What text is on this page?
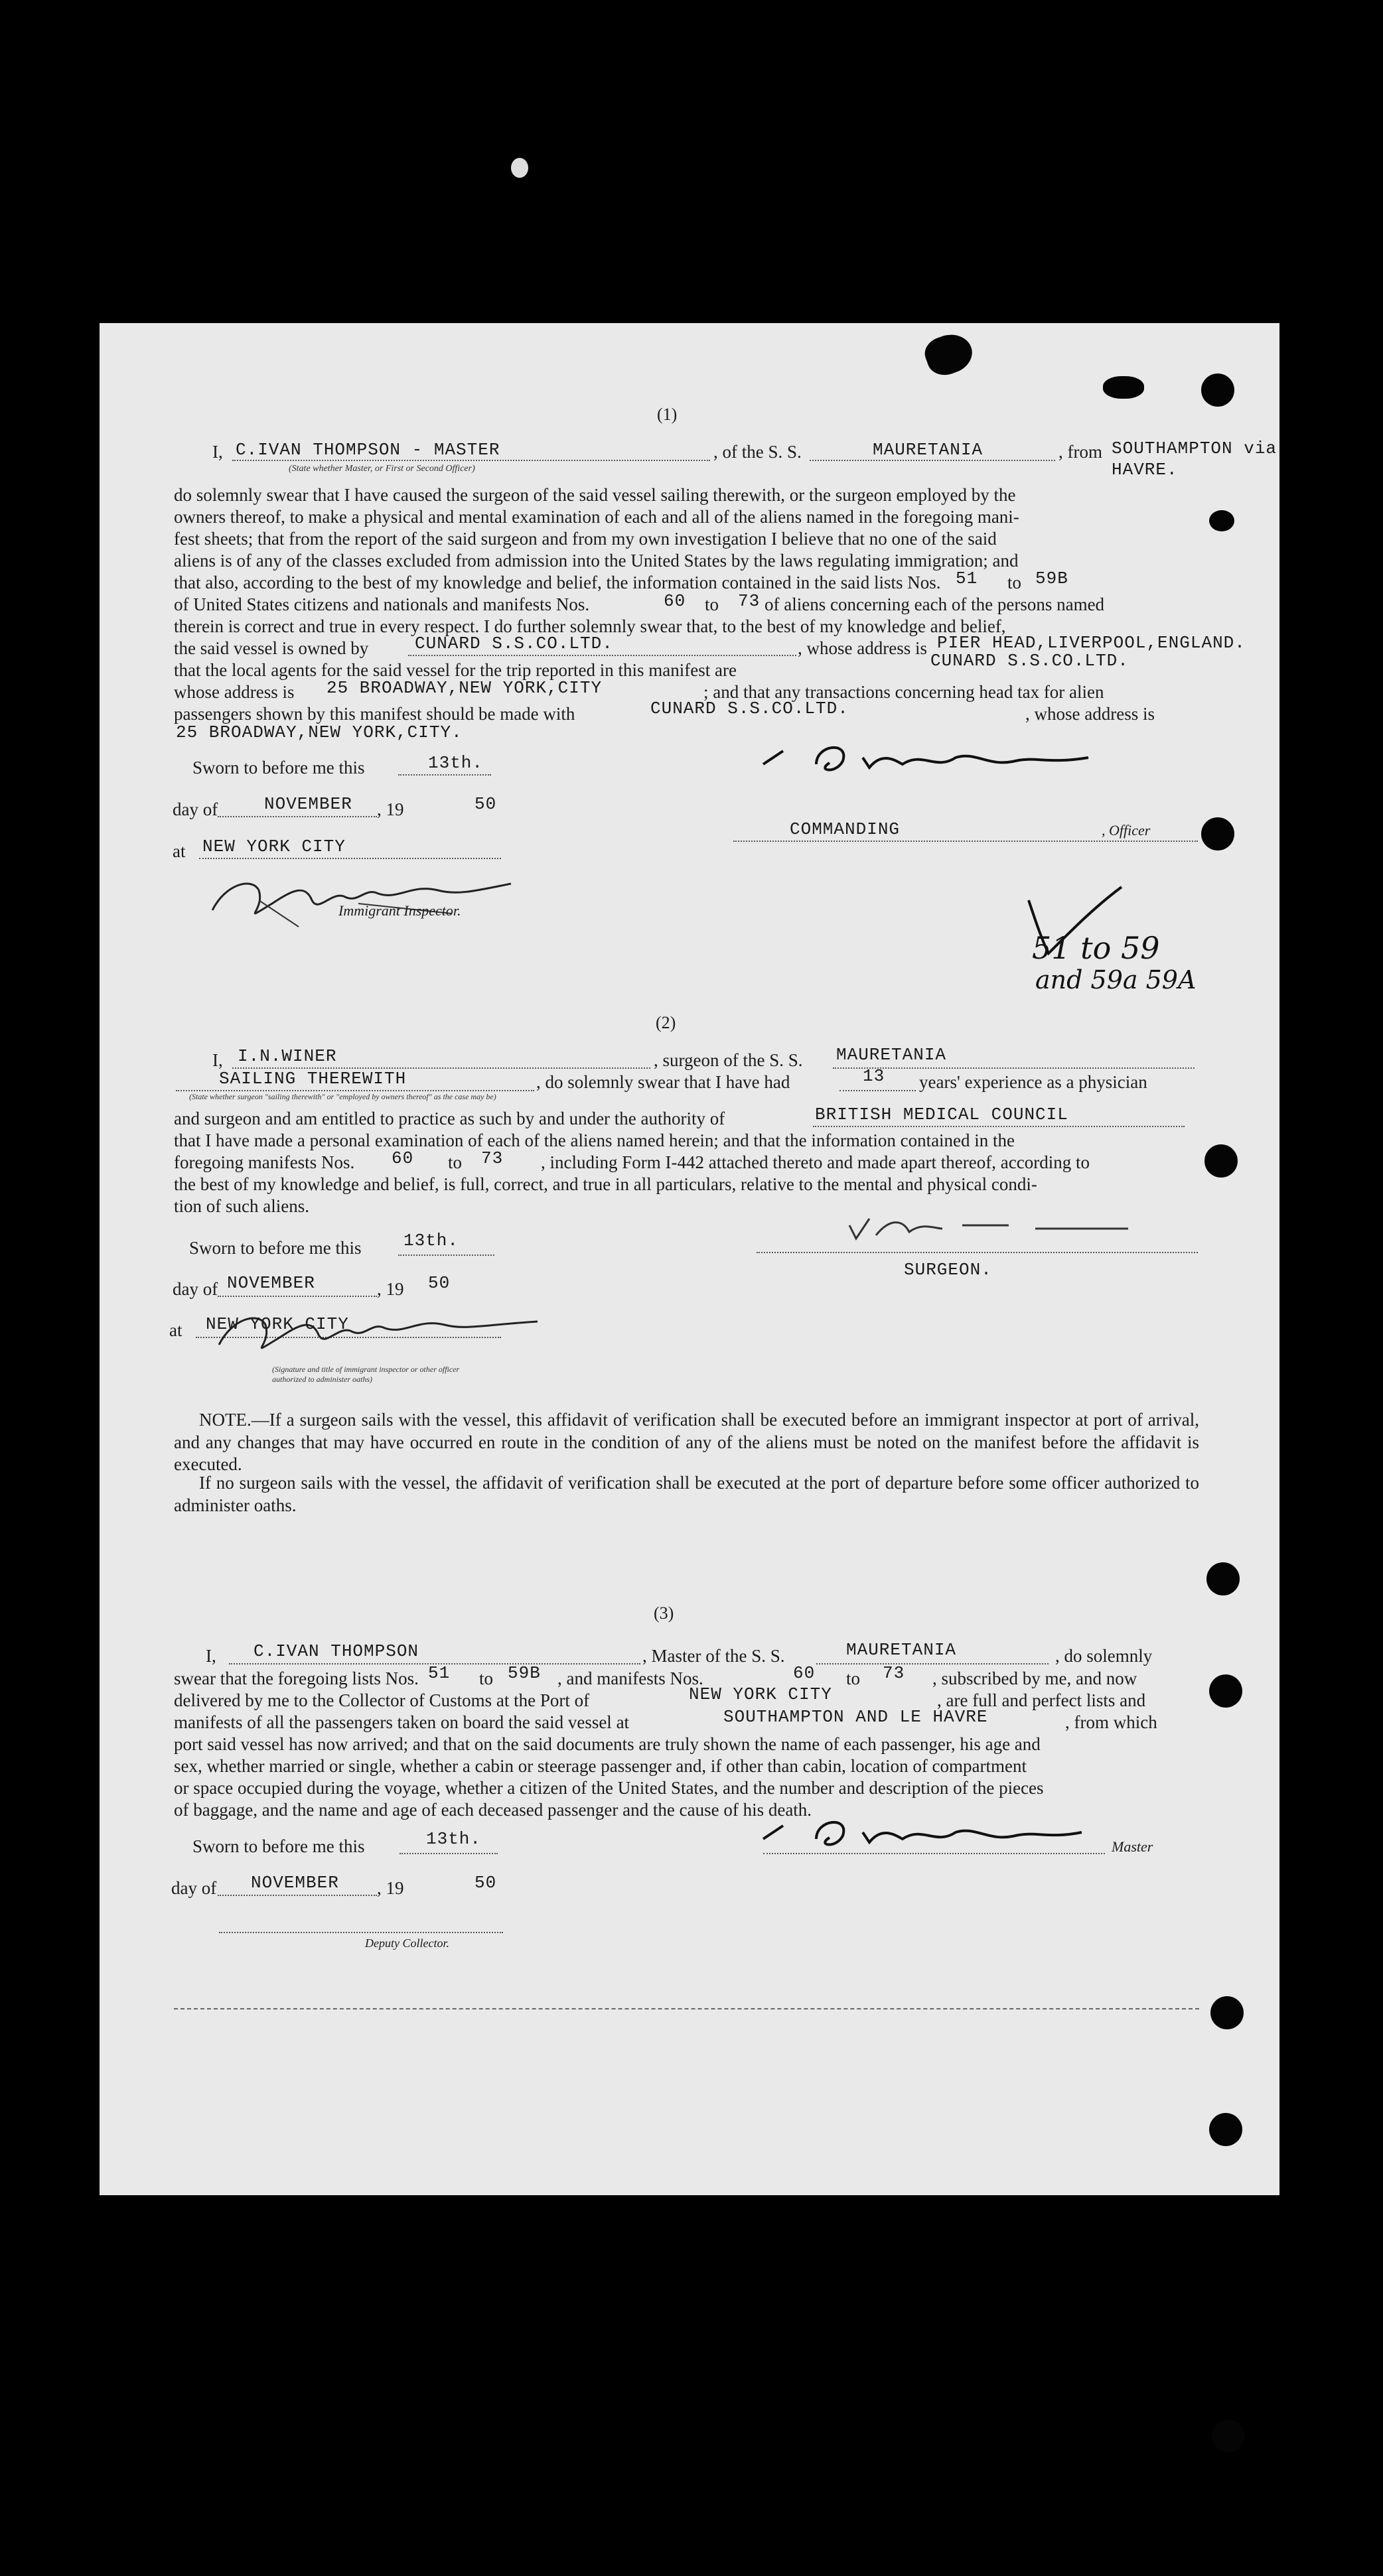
(1)
I, C.IVAN THOMPSON - MASTER	, of the S. S.	MAURETANIA	, from SOUTHAMPTON via
HAVRE.
(State whether Master, or First or Second Officer)
do solemnly swear that I have caused the surgeon of the said vessel sailing therewith, or the surgeon employed by the
owners thereof, to make a physical and mental examination of each and all of the aliens named in the foregoing mani-
fest sheets; that from the report of the said surgeon and from my own investigation I believe that no one of the said
aliens is of any of the classes excluded from admission into the United States by the laws regulating immigration; and
that also, according to the best of my knowledge and belief, the information contained in the said lists Nos. 51 to 59B
of United States citizens and nationals and manifests Nos.	60 to 73 of aliens concerning each of the persons named
therein is correct and true in every respect. I do further solemnly swear that, to the best of my knowledge and belief,
the said vessel is owned by	CUNARD S.S.CO.LTD.	, whose address is PIER HEAD,LIVERPOOL,ENGLAND.
that the local agents for the said vessel for the trip reported in this manifest are	CUNARD S.S.CO.LTD.
whose address is 25 BROADWAY,NEW YORK,CITY	; and that any transactions concerning head tax for alien
passengers shown by this manifest should be made with	CUNARD S.S.CO.LTD.	, whose address is
25 BROADWAY,NEW YORK,CITY.
Sworn to before me this	13th.
day of	NOVEMBER , 19	50
at NEW YORK CITY
Immigrant Inspector.
COMMANDING	, Officer
51 to 59
and 59a 59A
(2)
I, I.N.WINER	, surgeon of the S. S. MAURETANIA
SAILING THEREWITH
(State whether surgeon "sailing therewith" or "employed by owners thereof" as the case may be)
, do solemnly swear that I have had	13 years' experience as a physician
and surgeon and am entitled to practice as such by and under the authority of	BRITISH MEDICAL COUNCIL
that I have made a personal examination of each of the aliens named herein; and that the information contained in the
foregoing manifests Nos. 60 to 73 , including Form I-442 attached thereto and made apart thereof, according to
the best of my knowledge and belief, is full, correct, and true in all particulars, relative to the mental and physical condi-
tion of such aliens.
Sworn to before me this 13th.
day of NOVEMBER	, 19 50
at NEW YORK CITY
(Signature and title of immigrant inspector or other officer authorized to administer oaths)
SURGEON.
NOTE.—If a surgeon sails with the vessel, this affidavit of verification shall be executed before an immigrant inspector at port of arrival, and any changes that may have occurred en route in the condition of any of the aliens must be noted on the manifest before the affidavit is executed.
If no surgeon sails with the vessel, the affidavit of verification shall be executed at the port of departure before some officer authorized to administer oaths.
(3)
I, C.IVAN THOMPSON	, Master of the S. S.	MAURETANIA	, do solemnly
swear that the foregoing lists Nos. 51 to 59B , and manifests Nos.	60 to 73 , subscribed by me, and now
delivered by me to the Collector of Customs at the Port of	NEW YORK CITY	, are full and perfect lists and
manifests of all the passengers taken on board the said vessel at	SOUTHAMPTON AND LE HAVRE	, from which
port said vessel has now arrived; and that on the said documents are truly shown the name of each passenger, his age and
sex, whether married or single, whether a cabin or steerage passenger and, if other than cabin, location of compartment
or space occupied during the voyage, whether a citizen of the United States, and the number and description of the pieces
of baggage, and the name and age of each deceased passenger and the cause of his death.
Sworn to before me this	13th.	Master
day of NOVEMBER , 19	50
Deputy Collector.
